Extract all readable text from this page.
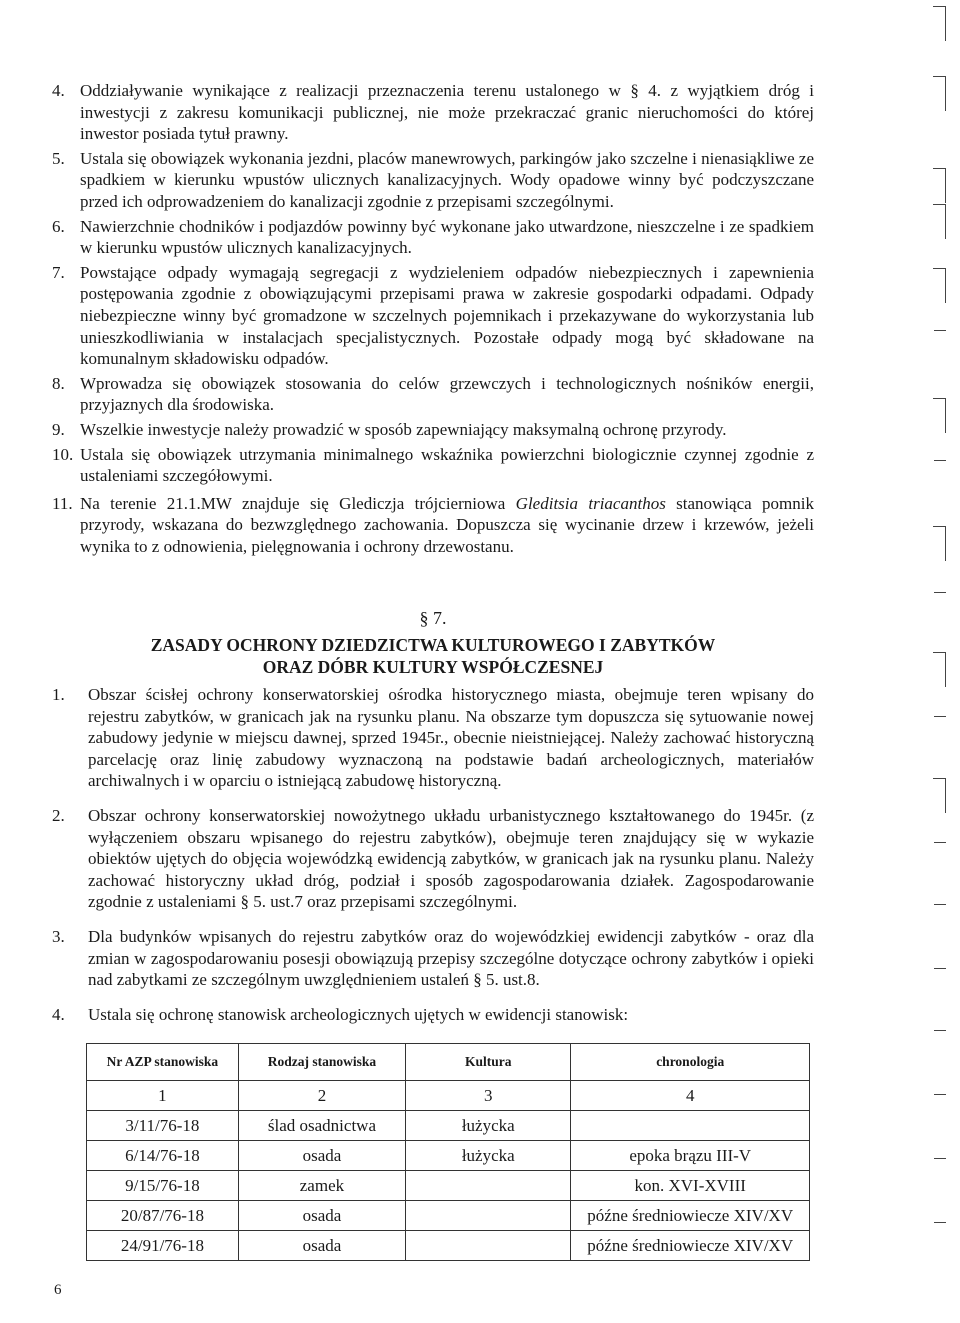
4. Oddziaływanie wynikające z realizacji przeznaczenia terenu ustalonego w § 4. z wyjątkiem dróg i inwestycji z zakresu komunikacji publicznej, nie może przekraczać granic nieruchomości do której inwestor posiada tytuł prawny.
5. Ustala się obowiązek wykonania jezdni, placów manewrowych, parkingów jako szczelne i nienasiąkliwe ze spadkiem w kierunku wpustów ulicznych kanalizacyjnych. Wody opadowe winny być podczyszczane przed ich odprowadzeniem do kanalizacji zgodnie z przepisami szczególnymi.
6. Nawierzchnie chodników i podjazdów powinny być wykonane jako utwardzone, nieszczelne i ze spadkiem w kierunku wpustów ulicznych kanalizacyjnych.
7. Powstające odpady wymagają segregacji z wydzieleniem odpadów niebezpiecznych i zapewnienia postępowania zgodnie z obowiązującymi przepisami prawa w zakresie gospodarki odpadami. Odpady niebezpieczne winny być gromadzone w szczelnych pojemnikach i przekazywane do wykorzystania lub unieszkodliwiania w instalacjach specjalistycznych. Pozostałe odpady mogą być składowane na komunalnym składowisku odpadów.
8. Wprowadza się obowiązek stosowania do celów grzewczych i technologicznych nośników energii, przyjaznych dla środowiska.
9. Wszelkie inwestycje należy prowadzić w sposób zapewniający maksymalną ochronę przyrody.
10. Ustala się obowiązek utrzymania minimalnego wskaźnika powierzchni biologicznie czynnej zgodnie z ustaleniami szczegółowymi.
11. Na terenie 21.1.MW znajduje się Glediczja trójcierniowa Gleditsia triacanthos stanowiąca pomnik przyrody, wskazana do bezwzględnego zachowania. Dopuszcza się wycinanie drzew i krzewów, jeżeli wynika to z odnowienia, pielęgnowania i ochrony drzewostanu.
§ 7.
ZASADY OCHRONY DZIEDZICTWA KULTUROWEGO I ZABYTKÓW
ORAZ DÓBR KULTURY WSPÓŁCZESNEJ
1. Obszar ścisłej ochrony konserwatorskiej ośrodka historycznego miasta, obejmuje teren wpisany do rejestru zabytków, w granicach jak na rysunku planu. Na obszarze tym dopuszcza się sytuowanie nowej zabudowy jedynie w miejscu dawnej, sprzed 1945r., obecnie nieistniejącej. Należy zachować historyczną parcelację oraz linię zabudowy wyznaczoną na podstawie badań archeologicznych, materiałów archiwalnych i w oparciu o istniejącą zabudowę historyczną.
2. Obszar ochrony konserwatorskiej nowożytnego układu urbanistycznego kształtowanego do 1945r. (z wyłączeniem obszaru wpisanego do rejestru zabytków), obejmuje teren znajdujący się w wykazie obiektów ujętych do objęcia wojewódzką ewidencją zabytków, w granicach jak na rysunku planu. Należy zachować historyczny układ dróg, podział i sposób zagospodarowania działek. Zagospodarowanie zgodnie z ustaleniami § 5. ust.7 oraz przepisami szczególnymi.
3. Dla budynków wpisanych do rejestru zabytków oraz do wojewódzkiej ewidencji zabytków - oraz dla zmian w zagospodarowaniu posesji obowiązują przepisy szczególne dotyczące ochrony zabytków i opieki nad zabytkami ze szczególnym uwzględnieniem ustaleń § 5. ust.8.
4. Ustala się ochronę stanowisk archeologicznych ujętych w ewidencji stanowisk:
Nr AZP stanowiska	Rodzaj stanowiska	Kultura	chronologia
1	2	3	4
3/11/76-18	ślad osadnictwa	łużycka	
6/14/76-18	osada	łużycka	epoka brązu III-V
9/15/76-18	zamek		kon. XVI-XVIII
20/87/76-18	osada		późne średniowiecze XIV/XV
24/91/76-18	osada		późne średniowiecze XIV/XV
6
